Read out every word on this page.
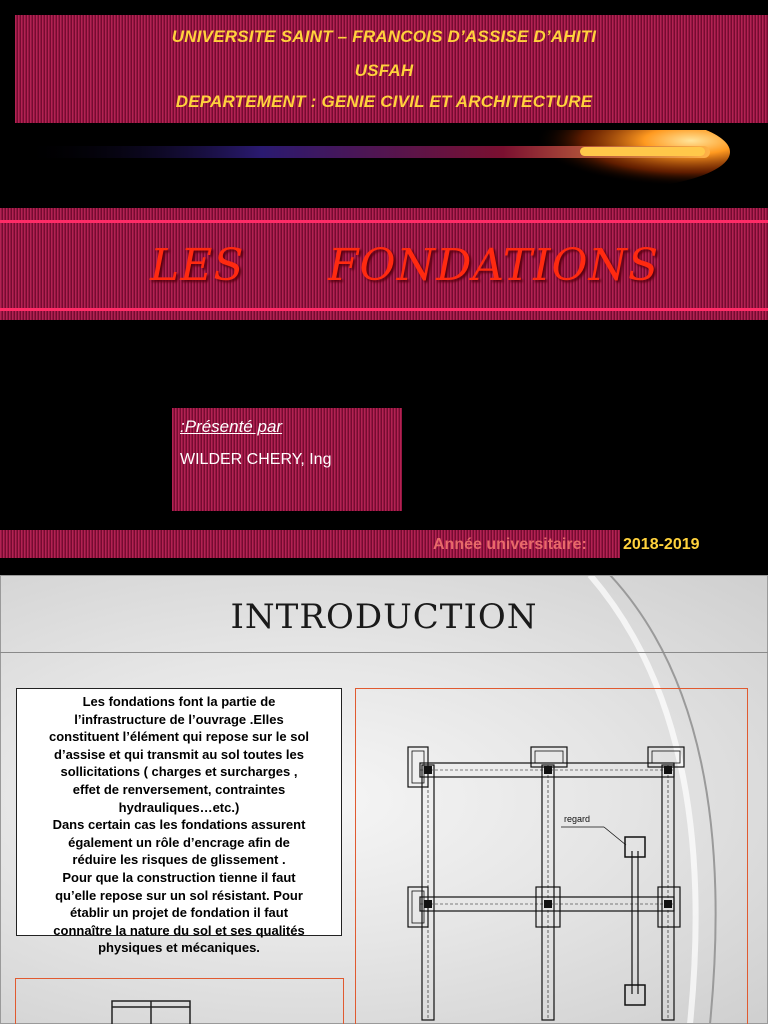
UNIVERSITE SAINT – FRANCOIS D’ASSISE D’AHITI
USFAH
DEPARTEMENT : GENIE CIVIL ET ARCHITECTURE
LES FONDATIONS
:Présenté par
WILDER CHERY, Ing
Année universitaire: 2018-2019
INTRODUCTION
Les fondations font la partie de
l’infrastructure de l’ouvrage .Elles
constituent l’élément qui repose sur le sol
d’assise et qui transmit au sol toutes les
sollicitations ( charges et surcharges ,
effet de renversement, contraintes
hydrauliques…etc.)
Dans certain cas les fondations assurent
également un rôle d’encrage afin de
réduire les risques de glissement .
Pour que la construction tienne il faut
qu’elle repose sur un sol résistant. Pour
établir un projet de fondation il faut
connaître la nature du sol et ses qualités
physiques et mécaniques.
regard
